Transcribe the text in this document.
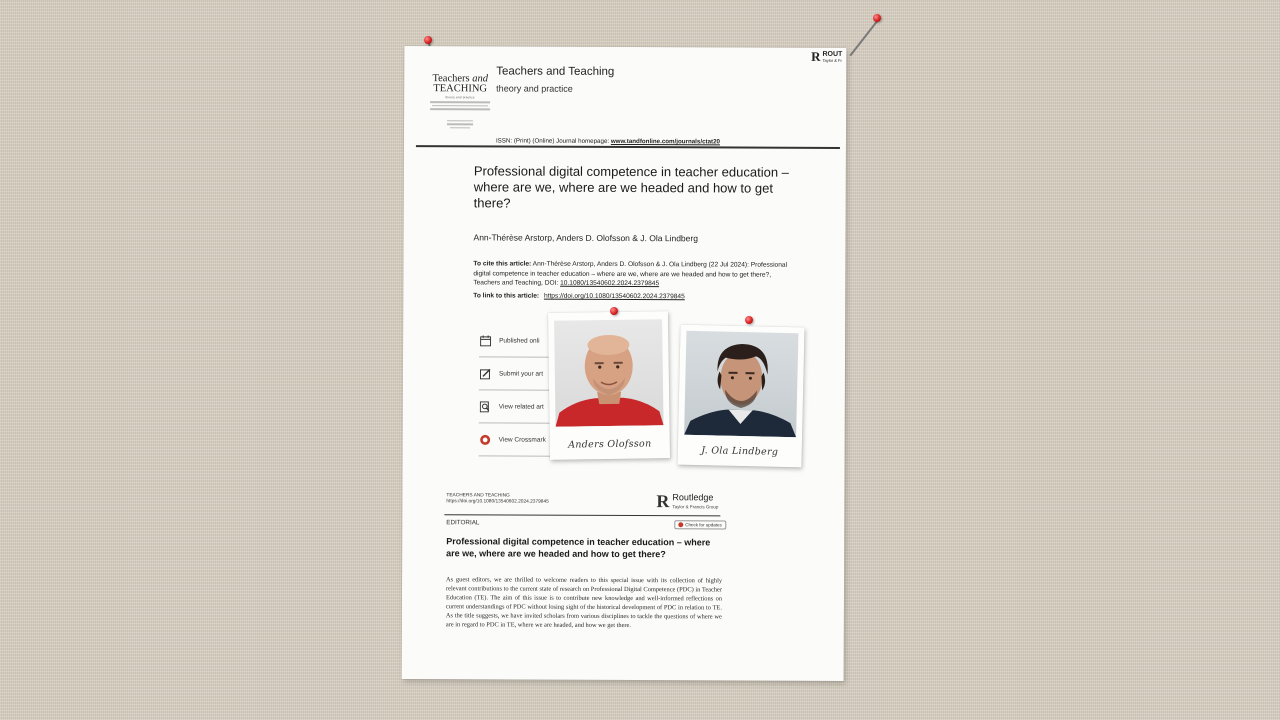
Teachers and
TEACHING
theory and practice
Teachers and Teaching
theory and practice
R ROUT
Taylor & Fr
ISSN: (Print) (Online) Journal homepage: www.tandfonline.com/journals/ctat20
Professional digital competence in teacher education – where are we, where are we headed and how to get there?
Ann-Thérèse Arstorp, Anders D. Olofsson & J. Ola Lindberg
To cite this article: Ann-Thérèse Arstorp, Anders D. Olofsson & J. Ola Lindberg (22 Jul 2024): Professional digital competence in teacher education – where are we, where are we headed and how to get there?, Teachers and Teaching, DOI: 10.1080/13540602.2024.2379845
To link to this article: https://doi.org/10.1080/13540602.2024.2379845
Published onli
Submit your art
View related art
View Crossmark
TEACHERS AND TEACHING
https://doi.org/10.1080/13540602.2024.2379845	R Routledge
Taylor & Francis Group
EDITORIAL	Check for updates
Professional digital competence in teacher education – where are we, where are we headed and how to get there?
As guest editors, we are thrilled to welcome readers to this special issue with its collection of highly relevant contributions to the current state of research on Professional Digital Competence (PDC) in Teacher Education (TE). The aim of this issue is to contribute new knowledge and well-informed reflections on current understandings of PDC without losing sight of the historical development of PDC in relation to TE. As the title suggests, we have invited scholars from various disciplines to tackle the questions of where we are in regard to PDC in TE, where we are headed, and how we get there.
Anders Olofsson
J. Ola Lindberg
